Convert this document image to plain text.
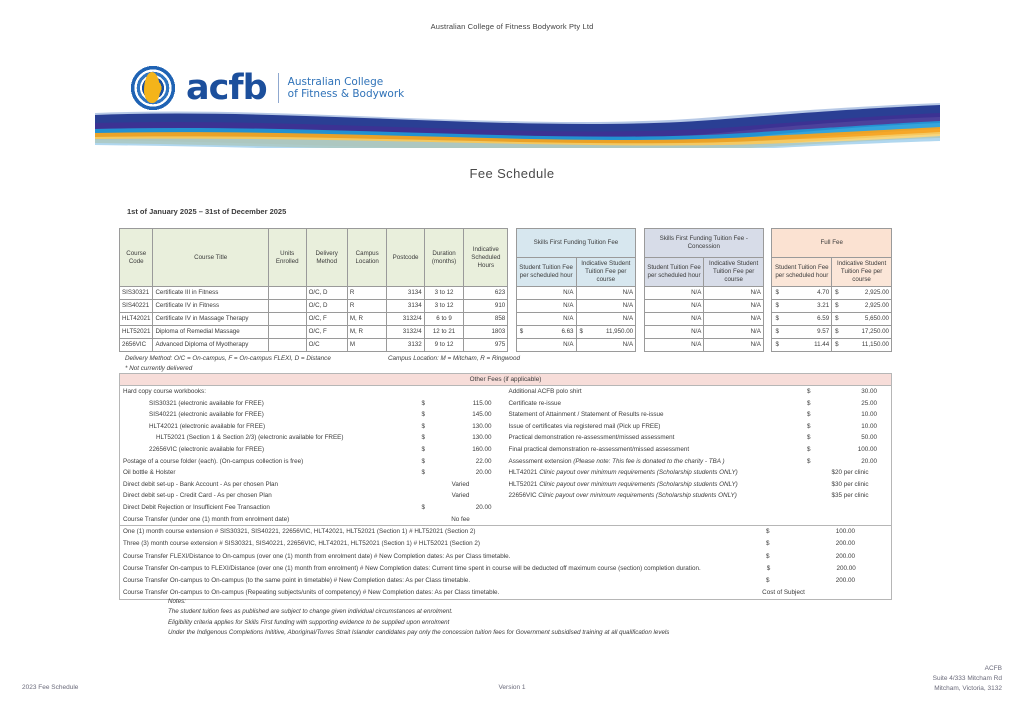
Australian College of Fitness Bodywork Pty Ltd
acfb Australian College
of Fitness & Bodywork
Fee Schedule
1st of January 2025 – 31st of December 2025
Course Code	Course Title	Units Enrolled	Delivery Method	Campus Location	Postcode	Duration (months)	Indicative Scheduled Hours		Skills First Funding Tuition Fee			Skills First Funding Tuition Fee - Concession			Full Fee	
									Student Tuition Fee per scheduled hour	Indicative Student Tuition Fee per course		Student Tuition Fee per scheduled hour	Indicative Student Tuition Fee per course		Student Tuition Fee per scheduled hour	Indicative Student Tuition Fee per course
SIS30321	Certificate III in Fitness		O/C, D	R	3134	3 to 12	623		N/A	N/A		N/A	N/A		$ 4.70	$ 2,925.00
SIS40221	Certificate IV in Fitness		O/C, D	R	3134	3 to 12	910		N/A	N/A		N/A	N/A		$ 3.21	$ 2,925.00
HLT42021	Certificate IV in Massage Therapy		O/C, F	M, R	3132/4	6 to 9	858		N/A	N/A		N/A	N/A		$ 6.59	$ 5,650.00
HLT52021	Diploma of Remedial Massage		O/C, F	M, R	3132/4	12 to 21	1803		$ 6.63	$ 11,950.00		N/A	N/A		$ 9.57	$ 17,250.00
2656VIC	Advanced Diploma of Myotherapy		O/C	M	3132	9 to 12	975		N/A	N/A		N/A	N/A		$ 11.44	$ 11,150.00
Delivery Method: O/C = On-campus, F = On-campus FLEXI, D = Distance	Campus Location: M = Mitcham, R = Ringwood
* Not currently delivered
Other Fees (if applicable)
Hard copy course workbooks:
SIS30321 (electronic available for FREE)	$	115.00
SIS40221 (electronic available for FREE)	$	145.00
HLT42021 (electronic available for FREE)	$	130.00
HLT52021 (Section 1 & Section 2/3) (electronic available for FREE)	$	130.00
22656VIC (electronic available for FREE)	$	160.00
Postage of a course folder (each). (On-campus collection is free)	$	22.00
Oil bottle & Holster	$	20.00
Direct debit set-up - Bank Account - As per chosen Plan	Varied
Direct debit set-up - Credit Card - As per chosen Plan	Varied
Direct Debit Rejection or Insufficient Fee Transaction	$	20.00
Course Transfer (under one (1) month from enrolment date)	No fee
Additional ACFB polo shirt	$	30.00
Certificate re-issue	$	25.00
Statement of Attainment / Statement of Results re-issue	$	10.00
Issue of certificates via registered mail (Pick up FREE)	$	10.00
Practical demonstration re-assessment/missed assessment	$	50.00
Final practical demonstration re-assessment/missed assessment	$	100.00
Assessment extension (Please note: This fee is donated to the charity - TBA )	$	20.00
HLT42021 Clinic payout over minimum requirements (Scholarship students ONLY)	$20 per clinic
HLT52021 Clinic payout over minimum requirements (Scholarship students ONLY)	$30 per clinic
22656VIC Clinic payout over minimum requirements (Scholarship students ONLY)	$35 per clinic
One (1) month course extension # SIS30321, SIS40221, 22656VIC, HLT42021, HLT52021 (Section 1) # HLT52021 (Section 2)	$	100.00
Three (3) month course extension # SIS30321, SIS40221, 22656VIC, HLT42021, HLT52021 (Section 1) # HLT52021 (Section 2)	$	200.00
Course Transfer FLEXI/Distance to On-campus (over one (1) month from enrolment date) # New Completion dates: As per Class timetable.	$	200.00
Course Transfer On-campus to FLEXI/Distance (over one (1) month from enrolment) # New Completion dates: Current time spent in course will be deducted off maximum course (section) completion duration.	$	200.00
Course Transfer On-campus to On-campus (to the same point in timetable) # New Completion dates: As per Class timetable.	$	200.00
Course Transfer On-campus to On-campus (Repeating subjects/units of competency) # New Completion dates: As per Class timetable.	Cost of Subject
Notes:
The student tuition fees as published are subject to change given individual circumstances at enrolment.
Eligibility criteria applies for Skills First funding with supporting evidence to be supplied upon enrolment
Under the Indigenous Completions Inititive, Aboriginal/Torres Strait Islander candidates pay only the concession tuition fees for Government subsidised training at all qualification levels
2023 Fee Schedule	Version 1
ACFB
Suite 4/333 Mitcham Rd
Mitcham, Victoria, 3132
